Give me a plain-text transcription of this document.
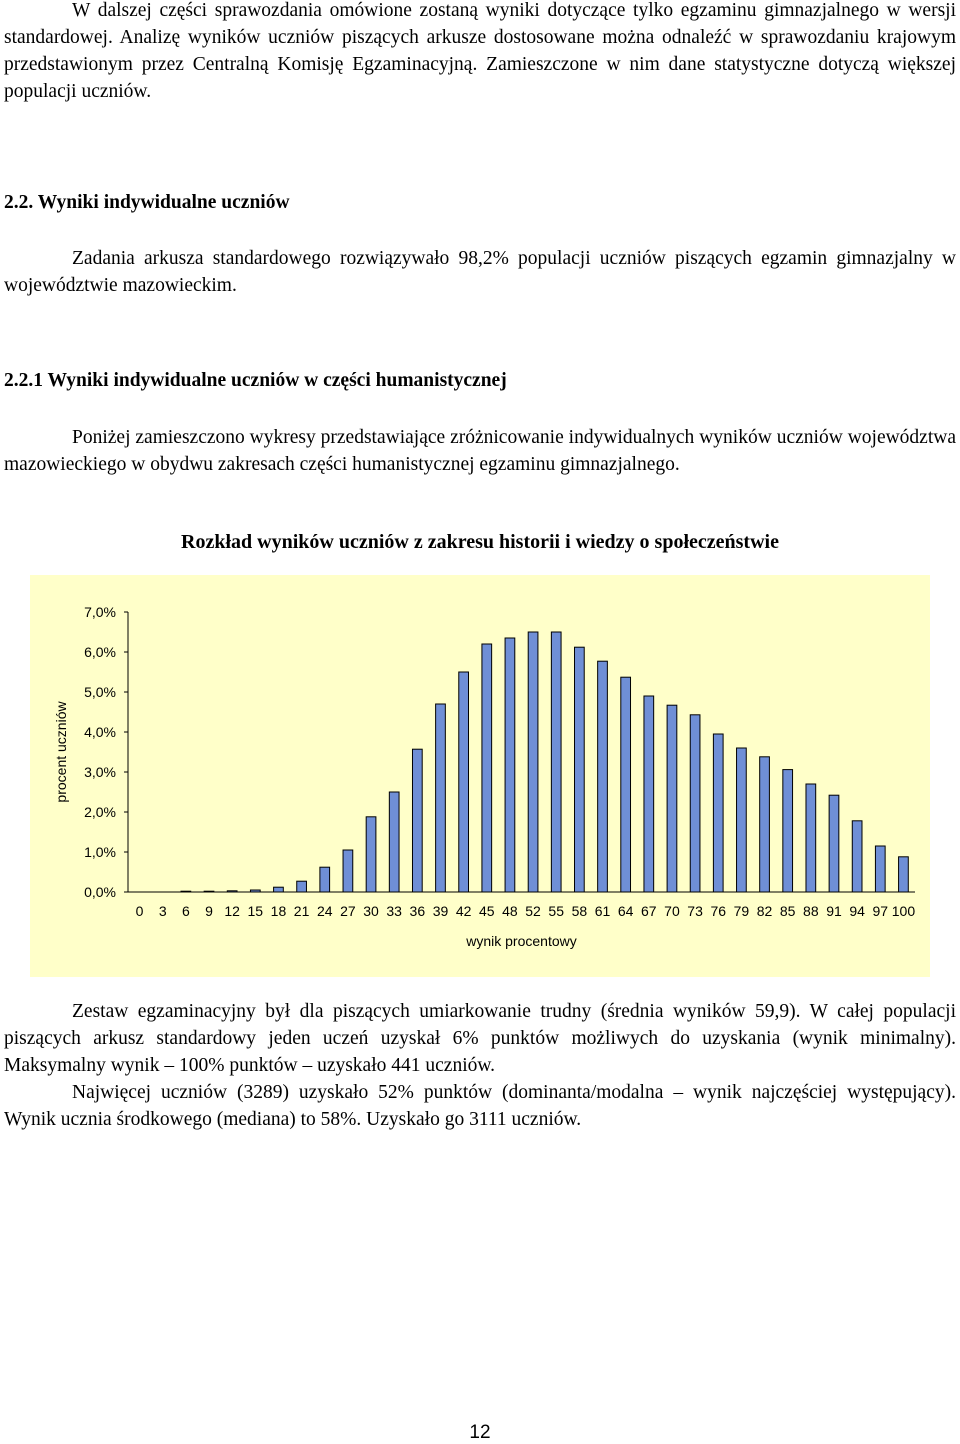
W dalszej części sprawozdania omówione zostaną wyniki dotyczące tylko egzaminu gimnazjalnego w wersji standardowej. Analizę wyników uczniów piszących arkusze dostosowane można odnaleźć w sprawozdaniu krajowym przedstawionym przez Centralną Komisję Egzaminacyjną. Zamieszczone w nim dane statystyczne dotyczą większej populacji uczniów.

2.2. Wyniki indywidualne uczniów

Zadania arkusza standardowego rozwiązywało 98,2% populacji uczniów piszących egzamin gimnazjalny w województwie mazowieckim.

2.2.1 Wyniki indywidualne uczniów w części humanistycznej

Poniżej zamieszczono wykresy przedstawiające zróżnicowanie indywidualnych wyników uczniów województwa mazowieckiego w obydwu zakresach części humanistycznej egzaminu gimnazjalnego.

Rozkład wyników uczniów z zakresu historii i wiedzy o społeczeństwie
0,0%
1,0%
2,0%
3,0%
4,0%
5,0%
6,0%
7,0%
0 3 6 9 12 15 18 21 24 27 30 33 36 39 42 45 48 52 55 58 61 64 67 70 73 76 79 82 85 88 91 94 97 100
wynik procentowy
procent uczniów

Zestaw egzaminacyjny był dla piszących umiarkowanie trudny (średnia wyników 59,9). W całej populacji piszących arkusz standardowy jeden uczeń uzyskał 6% punktów możliwych do uzyskania (wynik minimalny). Maksymalny wynik – 100% punktów – uzyskało 441 uczniów.

Najwięcej uczniów (3289) uzyskało 52% punktów (dominanta/modalna – wynik najczęściej występujący). Wynik ucznia środkowego (mediana) to 58%. Uzyskało go 3111 uczniów.

12
